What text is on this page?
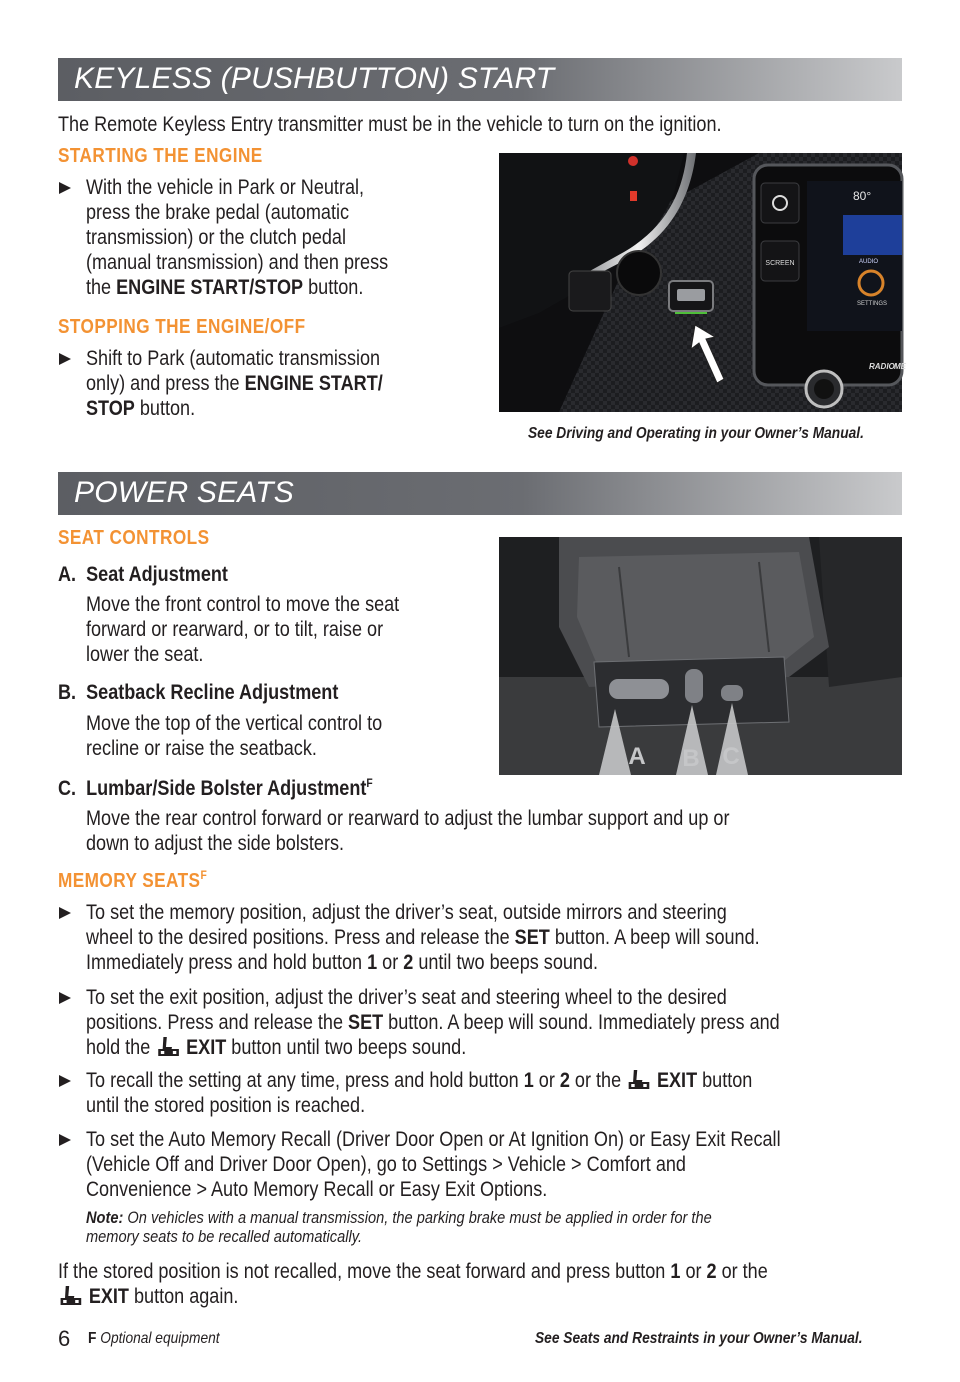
KEYLESS (PUSHBUTTON) START
The Remote Keyless Entry transmitter must be in the vehicle to turn on the ignition.
STARTING THE ENGINE
With the vehicle in Park or Neutral,
press the brake pedal (automatic
transmission) or the clutch pedal
(manual transmission) and then press
the ENGINE START/STOP button.
STOPPING THE ENGINE/OFF
Shift to Park (automatic transmission
only) and press the ENGINE START/
STOP button.
SCREEN
80°
AUDIO
SETTINGS
RADIO ME
See Driving and Operating in your Owner’s Manual.
POWER SEATS
SEAT CONTROLS
A. Seat Adjustment
Move the front control to move the seat
forward or rearward, or to tilt, raise or
lower the seat.
B. Seatback Recline Adjustment
Move the top of the vertical control to
recline or raise the seatback.
C. Lumbar/Side Bolster Adjustment$^F$
Move the rear control forward or rearward to adjust the lumbar support and up or
down to adjust the side bolsters.
A	B C
MEMORY $SEATS^F$
To set the memory position, adjust the driver’s seat, outside mirrors and steering
wheel to the desired positions. Press and release the SET button. A beep will sound.
Immediately press and hold button 1 or 2 until two beeps sound.
To set the exit position, adjust the driver’s seat and steering wheel to the desired
positions. Press and release the SET button. A beep will sound. Immediately press and
hold the  EXIT button until two beeps sound.
To recall the setting at any time, press and hold button 1 or 2 or the  EXIT button
until the stored position is reached.
To set the Auto Memory Recall (Driver Door Open or At Ignition On) or Easy Exit Recall
(Vehicle Off and Driver Door Open), go to Settings > Vehicle > Comfort and
Convenience > Auto Memory Recall or Easy Exit Options.
Note: On vehicles with a manual transmission, the parking brake must be applied in order for the
memory seats to be recalled automatically.
If the stored position is not recalled, move the seat forward and press button 1 or 2 or the
EXIT button again.
6 F Optional equipment	See Seats and Restraints in your Owner’s Manual.
